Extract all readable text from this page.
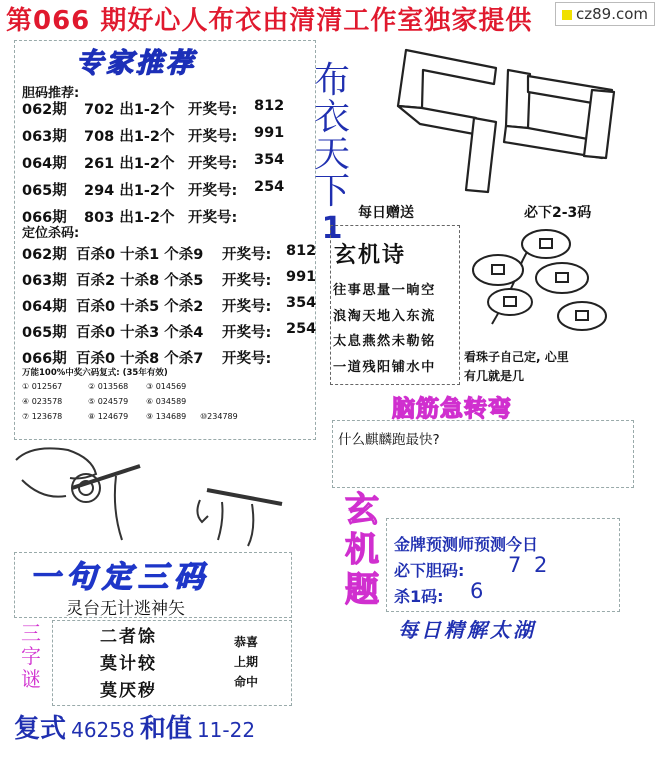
第066 期好心人布衣由清清工作室独家提供	cz89.com
专家推荐
胆码推荐:
062期 702 出1-2个 开奖号: 812
063期 708 出1-2个 开奖号: 991
064期 261 出1-2个 开奖号: 354
065期 294 出1-2个 开奖号: 254
066期 803 出1-2个 开奖号:
定位杀码:
062期 百杀0 十杀1 个杀9 开奖号: 812
063期 百杀2 十杀8 个杀5 开奖号: 991
064期 百杀0 十杀5 个杀2 开奖号: 354
065期 百杀0 十杀3 个杀4 开奖号: 254
066期 百杀0 十杀8 个杀7 开奖号:
万能100%中奖六码复式: (35年有效)
① 012567	② 013568 ③ 014569
④ 023578	⑤ 024579 ⑥ 034589
⑦ 123678	⑧ 124679 ⑨ 134689 ⑩234789
布
衣
天
下
1	每日赠送	必下2-3码
玄机诗
往事思量一晌空
浪淘天地入东流
太息燕然未勒铭
一道残阳铺水中
看珠子自己定, 心里
有几就是几
脑筋急转弯
什么麒麟跑最快?
玄
机
题
金牌预测师预测今日
必下胆码: 7 2
杀1码: 6
每日精解太湖
一句定三码
灵台无计逃神矢
三
字
谜
二者馀
莫计较
莫厌秽
恭喜
上期
命中
复式 46258 和值 11-22
